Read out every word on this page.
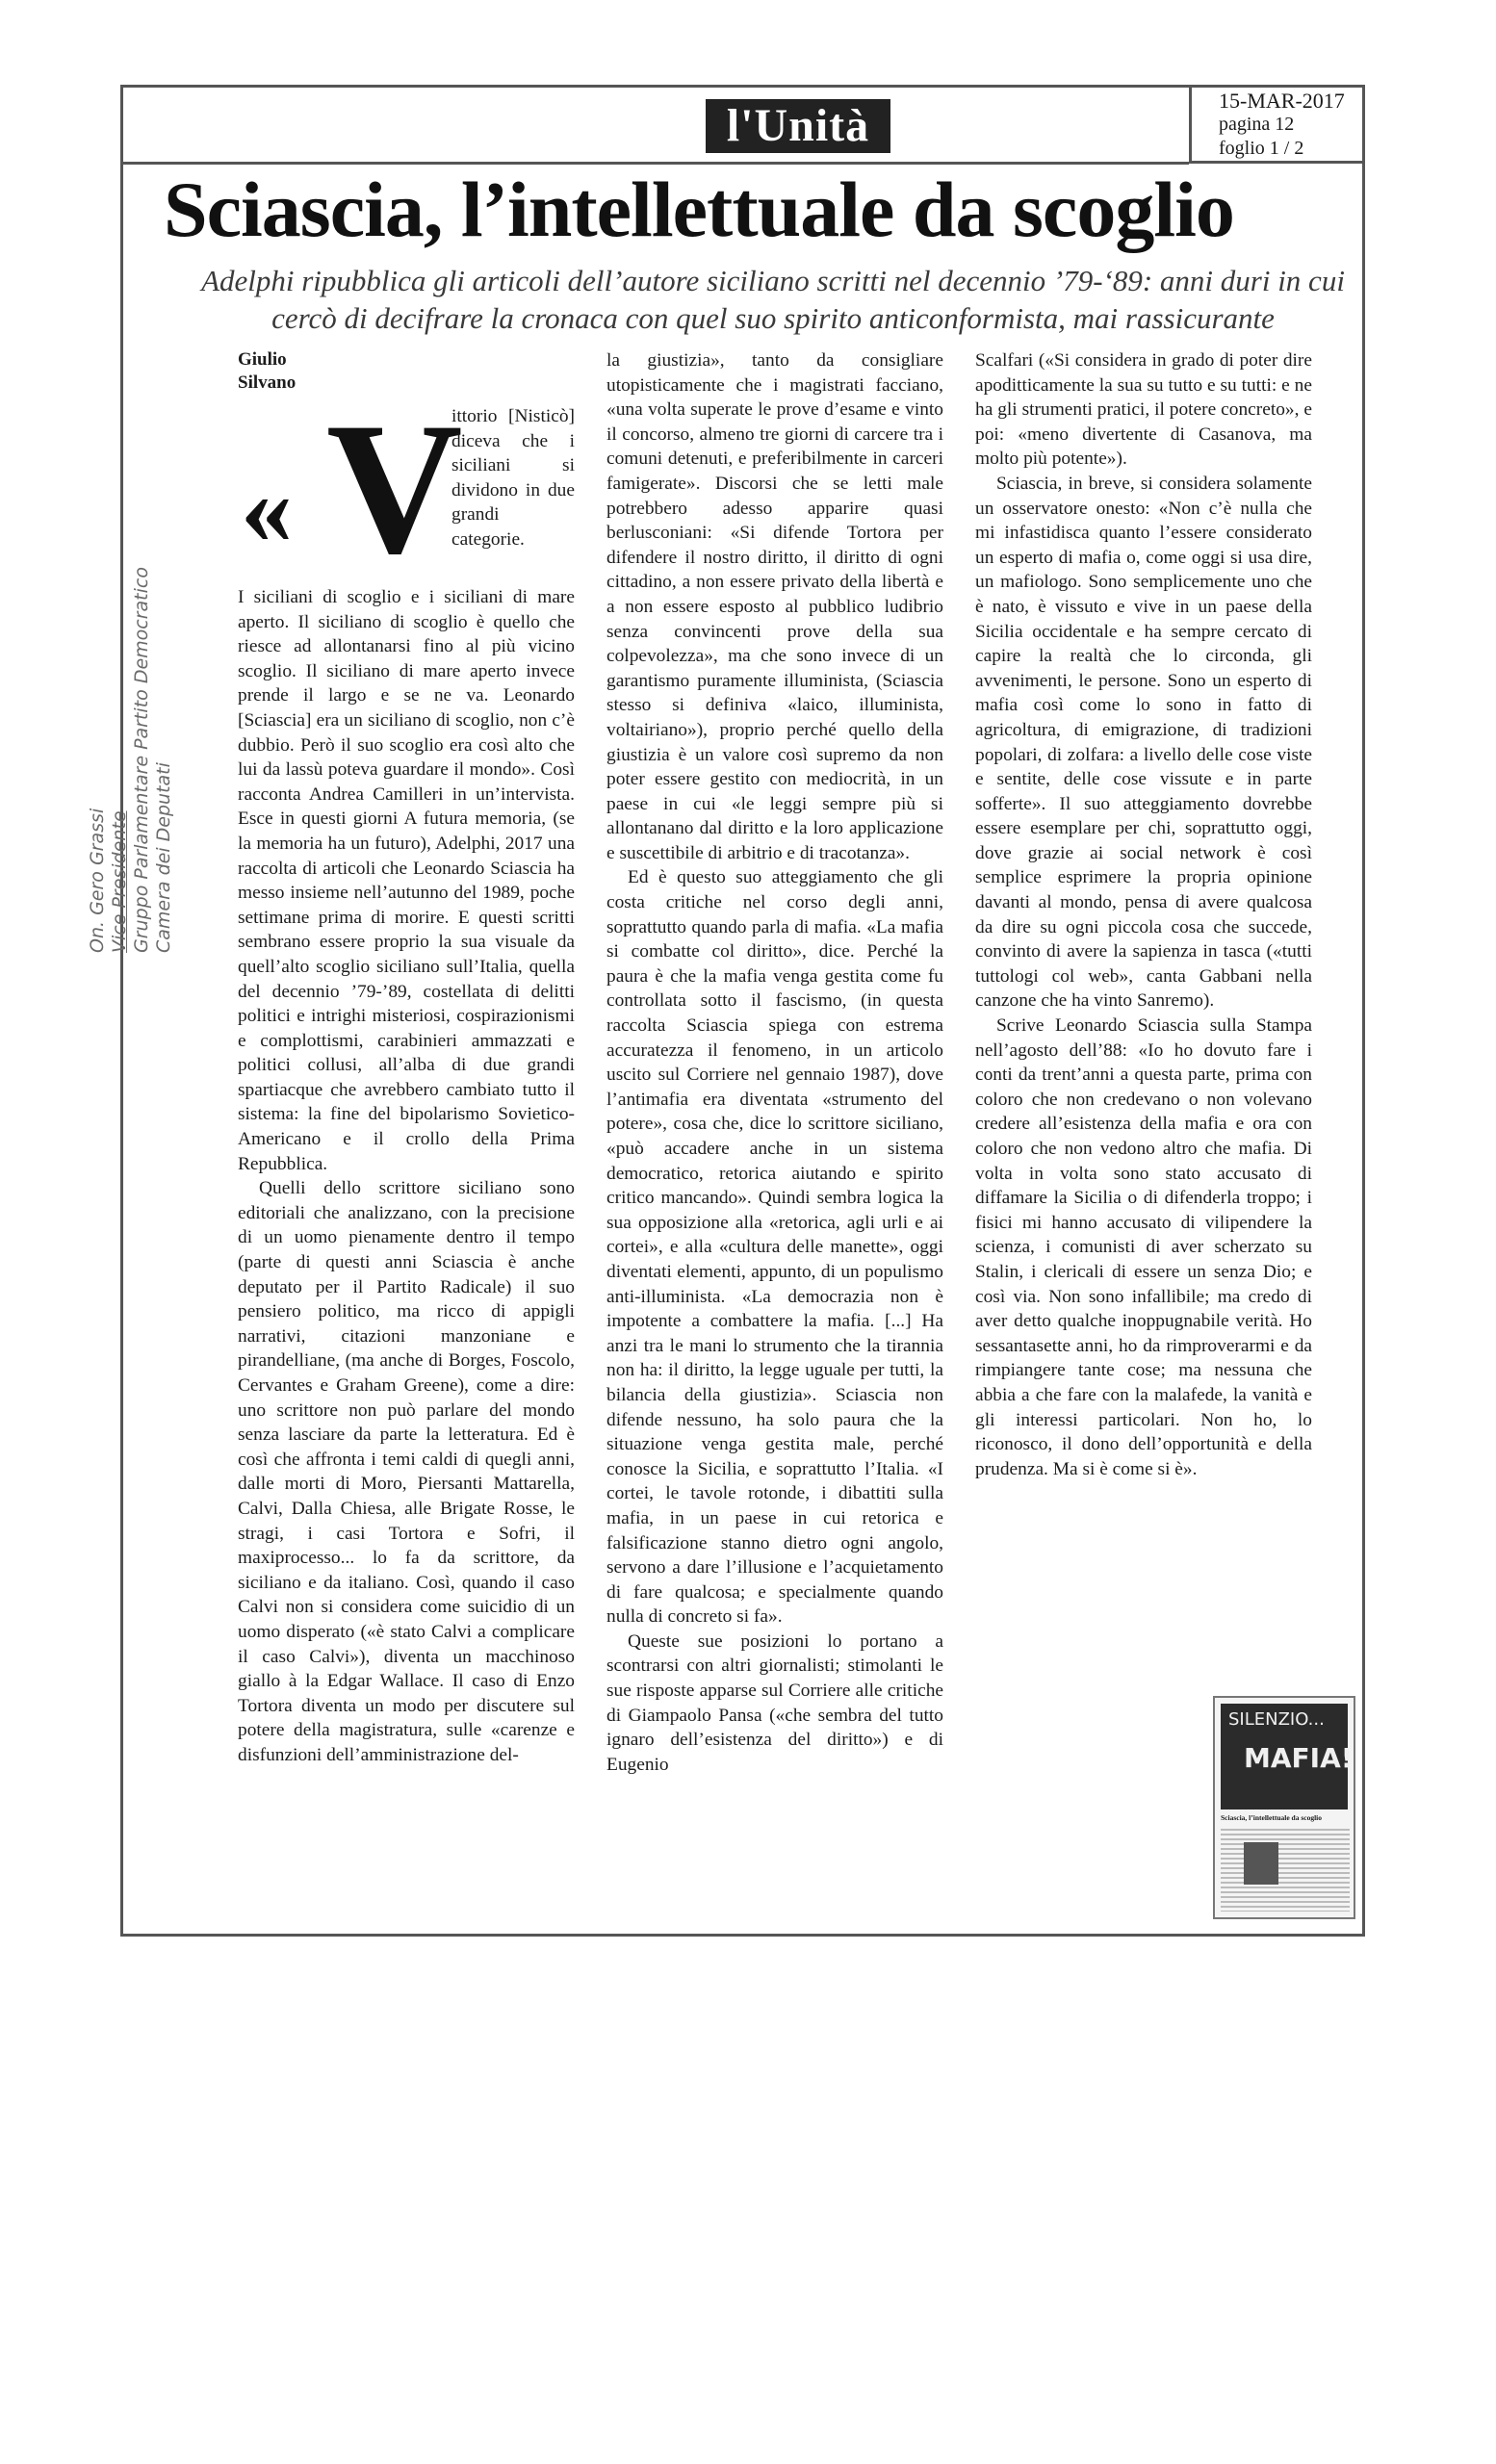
l'Unità	15-MAR-2017
pagina 12
foglio 1 / 2
Sciascia, l’intellettuale da scoglio

Adelphi ripubblica gli articoli dell’autore siciliano scritti nel decennio ’79-‘89: anni duri in cui cercò di decifrare la cronaca con quel suo spirito anticonformista, mai rassicurante

On. Gero Grassi Vice Presidente Gruppo Parlamentare Partito Democratico Camera dei Deputati
Giulio
Silvano
« V
ittorio [Nisticò] diceva che i siciliani si dividono in due grandi categorie.

I siciliani di scoglio e i siciliani di mare aperto. Il siciliano di scoglio è quello che riesce ad allontanarsi fino al più vicino scoglio. Il siciliano di mare aperto invece prende il largo e se ne va. Leonardo [Sciascia] era un siciliano di scoglio, non c’è dubbio. Però il suo scoglio era così alto che lui da lassù poteva guardare il mondo». Così racconta Andrea Camilleri in un’intervista. Esce in questi giorni A futura memoria, (se la memoria ha un futuro), Adelphi, 2017 una raccolta di articoli che Leonardo Sciascia ha messo insieme nell’autunno del 1989, poche settimane prima di morire. E questi scritti sembrano essere proprio la sua visuale da quell’alto scoglio siciliano sull’Italia, quella del decennio ’79-’89, costellata di delitti politici e intrighi misteriosi, cospirazionismi e complottismi, carabinieri ammazzati e politici collusi, all’alba di due grandi spartiacque che avrebbero cambiato tutto il sistema: la fine del bipolarismo Sovietico-Americano e il crollo della Prima Repubblica.

Quelli dello scrittore siciliano sono editoriali che analizzano, con la precisione di un uomo pienamente dentro il tempo (parte di questi anni Sciascia è anche deputato per il Partito Radicale) il suo pensiero politico, ma ricco di appigli narrativi, citazioni manzoniane e pirandelliane, (ma anche di Borges, Foscolo, Cervantes e Graham Greene), come a dire: uno scrittore non può parlare del mondo senza lasciare da parte la letteratura. Ed è così che affronta i temi caldi di quegli anni, dalle morti di Moro, Piersanti Mattarella, Calvi, Dalla Chiesa, alle Brigate Rosse, le stragi, i casi Tortora e Sofri, il maxiprocesso... lo fa da scrittore, da siciliano e da italiano. Così, quando il caso Calvi non si considera come suicidio di un uomo disperato («è stato Calvi a complicare il caso Calvi»), diventa un macchinoso giallo à la Edgar Wallace. Il caso di Enzo Tortora diventa un modo per discutere sul potere della magistratura, sulle «carenze e disfunzioni dell’amministrazione del-

la giustizia», tanto da consigliare utopisticamente che i magistrati facciano, «una volta superate le prove d’esame e vinto il concorso, almeno tre giorni di carcere tra i comuni detenuti, e preferibilmente in carceri famigerate». Discorsi che se letti male potrebbero adesso apparire quasi berlusconiani: «Si difende Tortora per difendere il nostro diritto, il diritto di ogni cittadino, a non essere privato della libertà e a non essere esposto al pubblico ludibrio senza convincenti prove della sua colpevolezza», ma che sono invece di un garantismo puramente illuminista, (Sciascia stesso si definiva «laico, illuminista, voltairiano»), proprio perché quello della giustizia è un valore così supremo da non poter essere gestito con mediocrità, in un paese in cui «le leggi sempre più si allontanano dal diritto e la loro applicazione e suscettibile di arbitrio e di tracotanza».

Ed è questo suo atteggiamento che gli costa critiche nel corso degli anni, soprattutto quando parla di mafia. «La mafia si combatte col diritto», dice. Perché la paura è che la mafia venga gestita come fu controllata sotto il fascismo, (in questa raccolta Sciascia spiega con estrema accuratezza il fenomeno, in un articolo uscito sul Corriere nel gennaio 1987), dove l’antimafia era diventata «strumento del potere», cosa che, dice lo scrittore siciliano, «può accadere anche in un sistema democratico, retorica aiutando e spirito critico mancando». Quindi sembra logica la sua opposizione alla «retorica, agli urli e ai cortei», e alla «cultura delle manette», oggi diventati elementi, appunto, di un populismo anti-illuminista. «La democrazia non è impotente a combattere la mafia. [...] Ha anzi tra le mani lo strumento che la tirannia non ha: il diritto, la legge uguale per tutti, la bilancia della giustizia». Sciascia non difende nessuno, ha solo paura che la situazione venga gestita male, perché conosce la Sicilia, e soprattutto l’Italia. «I cortei, le tavole rotonde, i dibattiti sulla mafia, in un paese in cui retorica e falsificazione stanno dietro ogni angolo, servono a dare l’illusione e l’acquietamento di fare qualcosa; e specialmente quando nulla di concreto si fa».

Queste sue posizioni lo portano a scontrarsi con altri giornalisti; stimolanti le sue risposte apparse sul Corriere alle critiche di Giampaolo Pansa («che sembra del tutto ignaro dell’esistenza del diritto») e di Eugenio

Scalfari («Si considera in grado di poter dire apoditticamente la sua su tutto e su tutti: e ne ha gli strumenti pratici, il potere concreto», e poi: «meno divertente di Casanova, ma molto più potente»).

Sciascia, in breve, si considera solamente un osservatore onesto: «Non c’è nulla che mi infastidisca quanto l’essere considerato un esperto di mafia o, come oggi si usa dire, un mafiologo. Sono semplicemente uno che è nato, è vissuto e vive in un paese della Sicilia occidentale e ha sempre cercato di capire la realtà che lo circonda, gli avvenimenti, le persone. Sono un esperto di mafia così come lo sono in fatto di agricoltura, di emigrazione, di tradizioni popolari, di zolfara: a livello delle cose viste e sentite, delle cose vissute e in parte sofferte». Il suo atteggiamento dovrebbe essere esemplare per chi, soprattutto oggi, dove grazie ai social network è così semplice esprimere la propria opinione davanti al mondo, pensa di avere qualcosa da dire su ogni piccola cosa che succede, convinto di avere la sapienza in tasca («tutti tuttologi col web», canta Gabbani nella canzone che ha vinto Sanremo).

Scrive Leonardo Sciascia sulla Stampa nell’agosto dell’88: «Io ho dovuto fare i conti da trent’anni a questa parte, prima con coloro che non credevano o non volevano credere all’esistenza della mafia e ora con coloro che non vedono altro che mafia. Di volta in volta sono stato accusato di diffamare la Sicilia o di difenderla troppo; i fisici mi hanno accusato di vilipendere la scienza, i comunisti di aver scherzato su Stalin, i clericali di essere un senza Dio; e così via. Non sono infallibile; ma credo di aver detto qualche inoppugnabile verità. Ho sessantasette anni, ho da rimproverarmi e da rimpiangere tante cose; ma nessuna che abbia a che fare con la malafede, la vanità e gli interessi particolari. Non ho, lo riconosco, il dono dell’opportunità e della prudenza. Ma si è come si è».

SILENZIO...
MAFIA!
Sciascia, l’intellettuale da scoglio
